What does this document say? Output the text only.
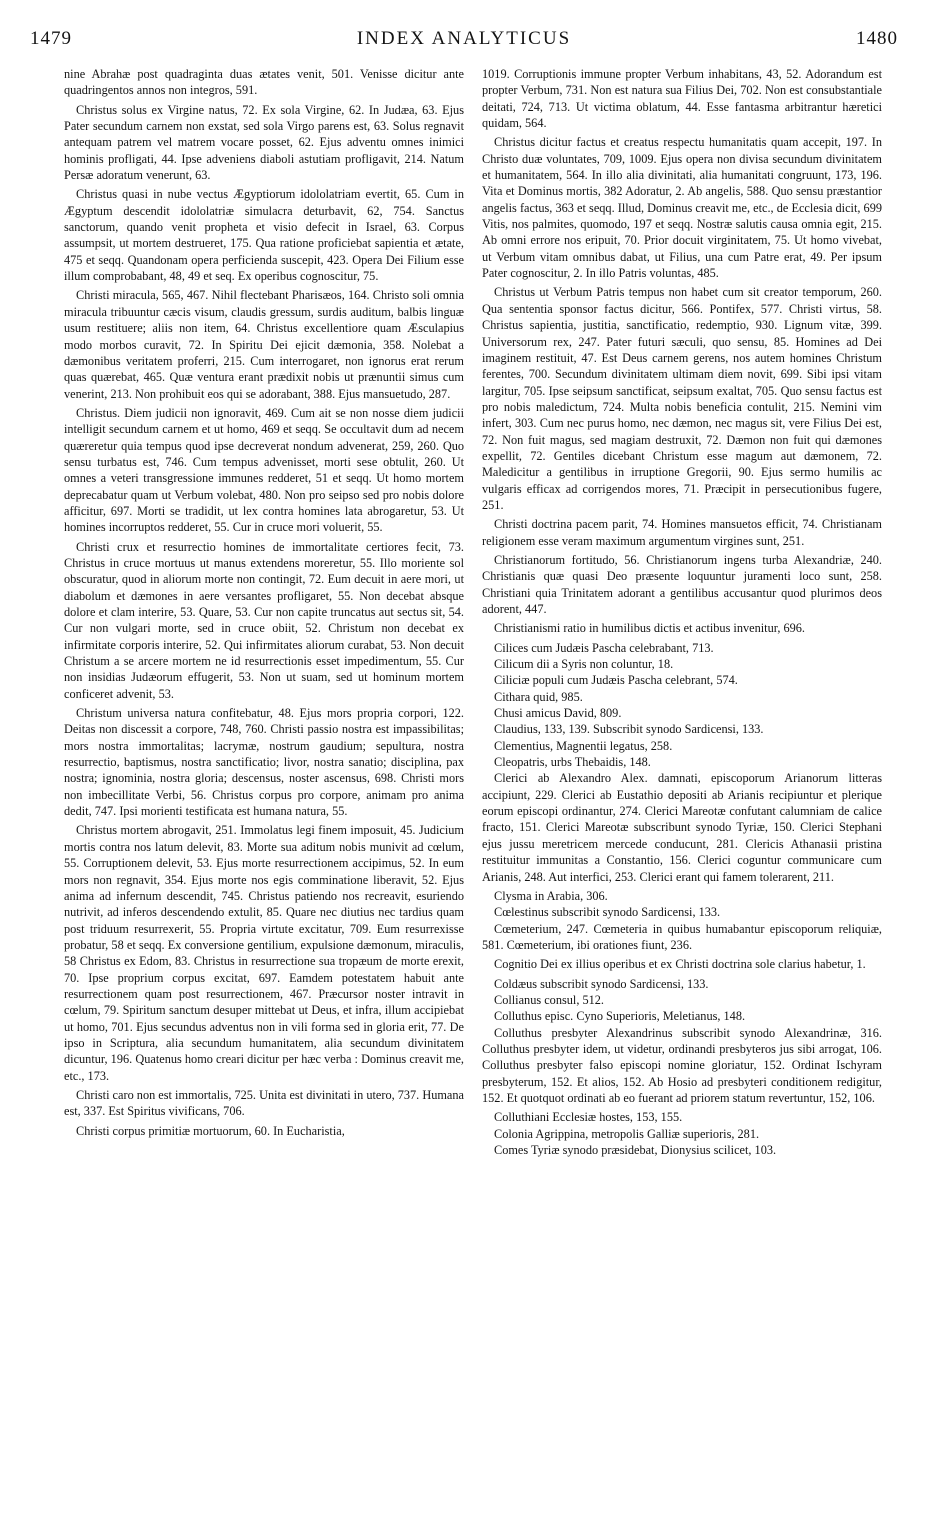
1479	INDEX ANALYTICUS	1480

nine Abrahæ post quadraginta duas ætates venit, 501. Venisse dicitur ante quadringentos annos non integros, 591.

Christus solus ex Virgine natus, 72. Ex sola Virgine, 62. In Judæa, 63. Ejus Pater secundum carnem non exstat, sed sola Virgo parens est, 63. Solus regnavit antequam patrem vel matrem vocare posset, 62. Ejus adventu omnes inimici hominis profligati, 44. Ipse adveniens diaboli astutiam profligavit, 214. Natum Persæ adoratum venerunt, 63.

Christus quasi in nube vectus Ægyptiorum idololatriam evertit, 65. Cum in Ægyptum descendit idololatriæ simulacra deturbavit, 62, 754. Sanctus sanctorum, quando venit propheta et visio defecit in Israel, 63. Corpus assumpsit, ut mortem destrueret, 175. Qua ratione proficiebat sapientia et ætate, 475 et seqq. Quandonam opera perficienda suscepit, 423. Opera Dei Filium esse illum comprobabant, 48, 49 et seq. Ex operibus cognoscitur, 75.

Christi miracula, 565, 467. Nihil flectebant Pharisæos, 164. Christo soli omnia miracula tribuuntur cæcis visum, claudis gressum, surdis auditum, balbis linguæ usum restituere; aliis non item, 64. Christus excellentiore quam Æsculapius modo morbos curavit, 72. In Spiritu Dei ejicit dæmonia, 358. Nolebat a dæmonibus veritatem proferri, 215. Cum interrogaret, non ignorus erat rerum quas quærebat, 465. Quæ ventura erant prædixit nobis ut prænuntii simus cum venerint, 213. Non prohibuit eos qui se adorabant, 388. Ejus mansuetudo, 287.

Christus. Diem judicii non ignoravit, 469. Cum ait se non nosse diem judicii intelligit secundum carnem et ut homo, 469 et seqq. Se occultavit dum ad necem quæreretur quia tempus quod ipse decreverat nondum advenerat, 259, 260. Quo sensu turbatus est, 746. Cum tempus advenisset, morti sese obtulit, 260. Ut omnes a veteri transgressione immunes redderet, 51 et seqq. Ut homo mortem deprecabatur quam ut Verbum volebat, 480. Non pro seipso sed pro nobis dolore afficitur, 697. Morti se tradidit, ut lex contra homines lata abrogaretur, 53. Ut homines incorruptos redderet, 55. Cur in cruce mori voluerit, 55.

Christi crux et resurrectio homines de immortalitate certiores fecit, 73. Christus in cruce mortuus ut manus extendens moreretur, 55. Illo moriente sol obscuratur, quod in aliorum morte non contingit, 72. Eum decuit in aere mori, ut diabolum et dæmones in aere versantes profligaret, 55. Non decebat absque dolore et clam interire, 53. Quare, 53. Cur non capite truncatus aut sectus sit, 54. Cur non vulgari morte, sed in cruce obiit, 52. Christum non decebat ex infirmitate corporis interire, 52. Qui infirmitates aliorum curabat, 53. Non decuit Christum a se arcere mortem ne id resurrectionis esset impedimentum, 55. Cur non insidias Judæorum effugerit, 53. Non ut suam, sed ut hominum mortem conficeret advenit, 53.

Christum universa natura confitebatur, 48. Ejus mors propria corpori, 122. Deitas non discessit a corpore, 748, 760. Christi passio nostra est impassibilitas; mors nostra immortalitas; lacrymæ, nostrum gaudium; sepultura, nostra resurrectio, baptismus, nostra sanctificatio; livor, nostra sanatio; disciplina, pax nostra; ignominia, nostra gloria; descensus, noster ascensus, 698. Christi mors non imbecillitate Verbi, 56. Christus corpus pro corpore, animam pro anima dedit, 747. Ipsi morienti testificata est humana natura, 55.

Christus mortem abrogavit, 251. Immolatus legi finem imposuit, 45. Judicium mortis contra nos latum delevit, 83. Morte sua aditum nobis munivit ad cœlum, 55. Corruptionem delevit, 53. Ejus morte resurrectionem accipimus, 52. In eum mors non regnavit, 354. Ejus morte nos egis comminatione liberavit, 52. Ejus anima ad infernum descendit, 745. Christus patiendo nos recreavit, esuriendo nutrivit, ad inferos descendendo extulit, 85. Quare nec diutius nec tardius quam post triduum resurrexerit, 55. Propria virtute excitatur, 709. Eum resurrexisse probatur, 58 et seqq. Ex conversione gentilium, expulsione dæmonum, miraculis, 58 Christus ex Edom, 83. Christus in resurrectione sua tropæum de morte erexit, 70. Ipse proprium corpus excitat, 697. Eamdem potestatem habuit ante resurrectionem quam post resurrectionem, 467. Præcursor noster intravit in cœlum, 79. Spiritum sanctum desuper mittebat ut Deus, et infra, illum accipiebat ut homo, 701. Ejus secundus adventus non in vili forma sed in gloria erit, 77. De ipso in Scriptura, alia secundum humanitatem, alia secundum divinitatem dicuntur, 196. Quatenus homo creari dicitur per hæc verba : Dominus creavit me, etc., 173.

Christi caro non est immortalis, 725. Unita est divinitati in utero, 737. Humana est, 337. Est Spiritus vivificans, 706.

Christi corpus primitiæ mortuorum, 60. In Eucharistia,

1019. Corruptionis immune propter Verbum inhabitans, 43, 52. Adorandum est propter Verbum, 731. Non est natura sua Filius Dei, 702. Non est consubstantiale deitati, 724, 713. Ut victima oblatum, 44. Esse fantasma arbitrantur hæretici quidam, 564.

Christus dicitur factus et creatus respectu humanitatis quam accepit, 197. In Christo duæ voluntates, 709, 1009. Ejus opera non divisa secundum divinitatem et humanitatem, 564. In illo alia divinitati, alia humanitati congruunt, 173, 196. Vita et Dominus mortis, 382 Adoratur, 2. Ab angelis, 588. Quo sensu præstantior angelis factus, 363 et seqq. Illud, Dominus creavit me, etc., de Ecclesia dicit, 699 Vitis, nos palmites, quomodo, 197 et seqq. Nostræ salutis causa omnia egit, 215. Ab omni errore nos eripuit, 70. Prior docuit virginitatem, 75. Ut homo vivebat, ut Verbum vitam omnibus dabat, ut Filius, una cum Patre erat, 49. Per ipsum Pater cognoscitur, 2. In illo Patris voluntas, 485.

Christus ut Verbum Patris tempus non habet cum sit creator temporum, 260. Qua sententia sponsor factus dicitur, 566. Pontifex, 577. Christi virtus, 58. Christus sapientia, justitia, sanctificatio, redemptio, 930. Lignum vitæ, 399. Universorum rex, 247. Pater futuri sæculi, quo sensu, 85. Homines ad Dei imaginem restituit, 47. Est Deus carnem gerens, nos autem homines Christum ferentes, 700. Secundum divinitatem ultimam diem novit, 699. Sibi ipsi vitam largitur, 705. Ipse seipsum sanctificat, seipsum exaltat, 705. Quo sensu factus est pro nobis maledictum, 724. Multa nobis beneficia contulit, 215. Nemini vim infert, 303. Cum nec purus homo, nec dæmon, nec magus sit, vere Filius Dei est, 72. Non fuit magus, sed magiam destruxit, 72. Dæmon non fuit qui dæmones expellit, 72. Gentiles dicebant Christum esse magum aut dæmonem, 72. Maledicitur a gentilibus in irruptione Gregorii, 90. Ejus sermo humilis ac vulgaris efficax ad corrigendos mores, 71. Præcipit in persecutionibus fugere, 251.

Christi doctrina pacem parit, 74. Homines mansuetos efficit, 74. Christianam religionem esse veram maximum argumentum virgines sunt, 251.

Christianorum fortitudo, 56. Christianorum ingens turba Alexandriæ, 240. Christianis quæ quasi Deo præsente loquuntur juramenti loco sunt, 258. Christiani quia Trinitatem adorant a gentilibus accusantur quod plurimos deos adorent, 447.

Christianismi ratio in humilibus dictis et actibus invenitur, 696.

Cilices cum Judæis Pascha celebrabant, 713.

Cilicum dii a Syris non coluntur, 18.

Ciliciæ populi cum Judæis Pascha celebrant, 574.

Cithara quid, 985.

Chusi amicus David, 809.

Claudius, 133, 139. Subscribit synodo Sardicensi, 133.

Clementius, Magnentii legatus, 258.

Cleopatris, urbs Thebaidis, 148.

Clerici ab Alexandro Alex. damnati, episcoporum Arianorum litteras accipiunt, 229. Clerici ab Eustathio depositi ab Arianis recipiuntur et plerique eorum episcopi ordinantur, 274. Clerici Mareotæ confutant calumniam de calice fracto, 151. Clerici Mareotæ subscribunt synodo Tyriæ, 150. Clerici Stephani ejus jussu meretricem mercede conducunt, 281. Clericis Athanasii pristina restituitur immunitas a Constantio, 156. Clerici coguntur communicare cum Arianis, 248. Aut interfici, 253. Clerici erant qui famem tolerarent, 211.

Clysma in Arabia, 306.

Cœlestinus subscribit synodo Sardicensi, 133.

Cœmeterium, 247. Cœmeteria in quibus humabantur episcoporum reliquiæ, 581. Cœmeterium, ibi orationes fiunt, 236.

Cognitio Dei ex illius operibus et ex Christi doctrina sole clarius habetur, 1.

Coldæus subscribit synodo Sardicensi, 133.

Collianus consul, 512.

Colluthus episc. Cyno Superioris, Meletianus, 148.

Colluthus presbyter Alexandrinus subscribit synodo Alexandrinæ, 316. Colluthus presbyter idem, ut videtur, ordinandi presbyteros jus sibi arrogat, 106. Colluthus presbyter falso episcopi nomine gloriatur, 152. Ordinat Ischyram presbyterum, 152. Et alios, 152. Ab Hosio ad presbyteri conditionem redigitur, 152. Et quotquot ordinati ab eo fuerant ad priorem statum revertuntur, 152, 106.

Colluthiani Ecclesiæ hostes, 153, 155.

Colonia Agrippina, metropolis Galliæ superioris, 281.

Comes Tyriæ synodo præsidebat, Dionysius scilicet, 103.
